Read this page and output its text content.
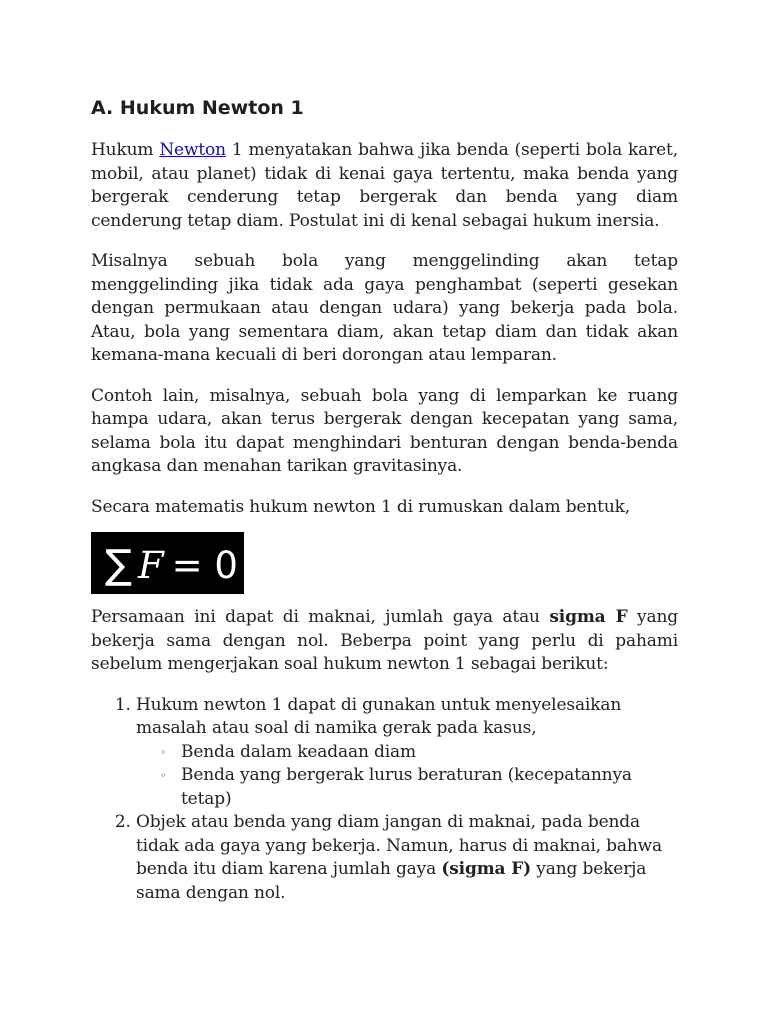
A. Hukum Newton 1

Hukum Newton 1 menyatakan bahwa jika benda (seperti bola karet, mobil, atau planet) tidak di kenai gaya tertentu, maka benda yang bergerak cenderung tetap bergerak dan benda yang diam cenderung tetap diam. Postulat ini di kenal sebagai hukum inersia.

Misalnya sebuah bola yang menggelinding akan tetap menggelinding jika tidak ada gaya penghambat (seperti gesekan dengan permukaan atau dengan udara) yang bekerja pada bola. Atau, bola yang sementara diam, akan tetap diam dan tidak akan kemana-mana kecuali di beri dorongan atau lemparan.

Contoh lain, misalnya, sebuah bola yang di lemparkan ke ruang hampa udara, akan terus bergerak dengan kecepatan yang sama, selama bola itu dapat menghindari benturan dengan benda-benda angkasa dan menahan tarikan gravitasinya.

Secara matematis hukum newton 1 di rumuskan dalam bentuk,

∑ F = 0

Persamaan ini dapat di maknai, jumlah gaya atau sigma F yang bekerja sama dengan nol. Beberpa point yang perlu di pahami sebelum mengerjakan soal hukum newton 1 sebagai berikut:

1. Hukum newton 1 dapat di gunakan untuk menyelesaikan masalah atau soal di namika gerak pada kasus,
◦ Benda dalam keadaan diam
◦ Benda yang bergerak lurus beraturan (kecepatannya tetap)
2. Objek atau benda yang diam jangan di maknai, pada benda tidak ada gaya yang bekerja. Namun, harus di maknai, bahwa benda itu diam karena jumlah gaya (sigma F) yang bekerja sama dengan nol.
